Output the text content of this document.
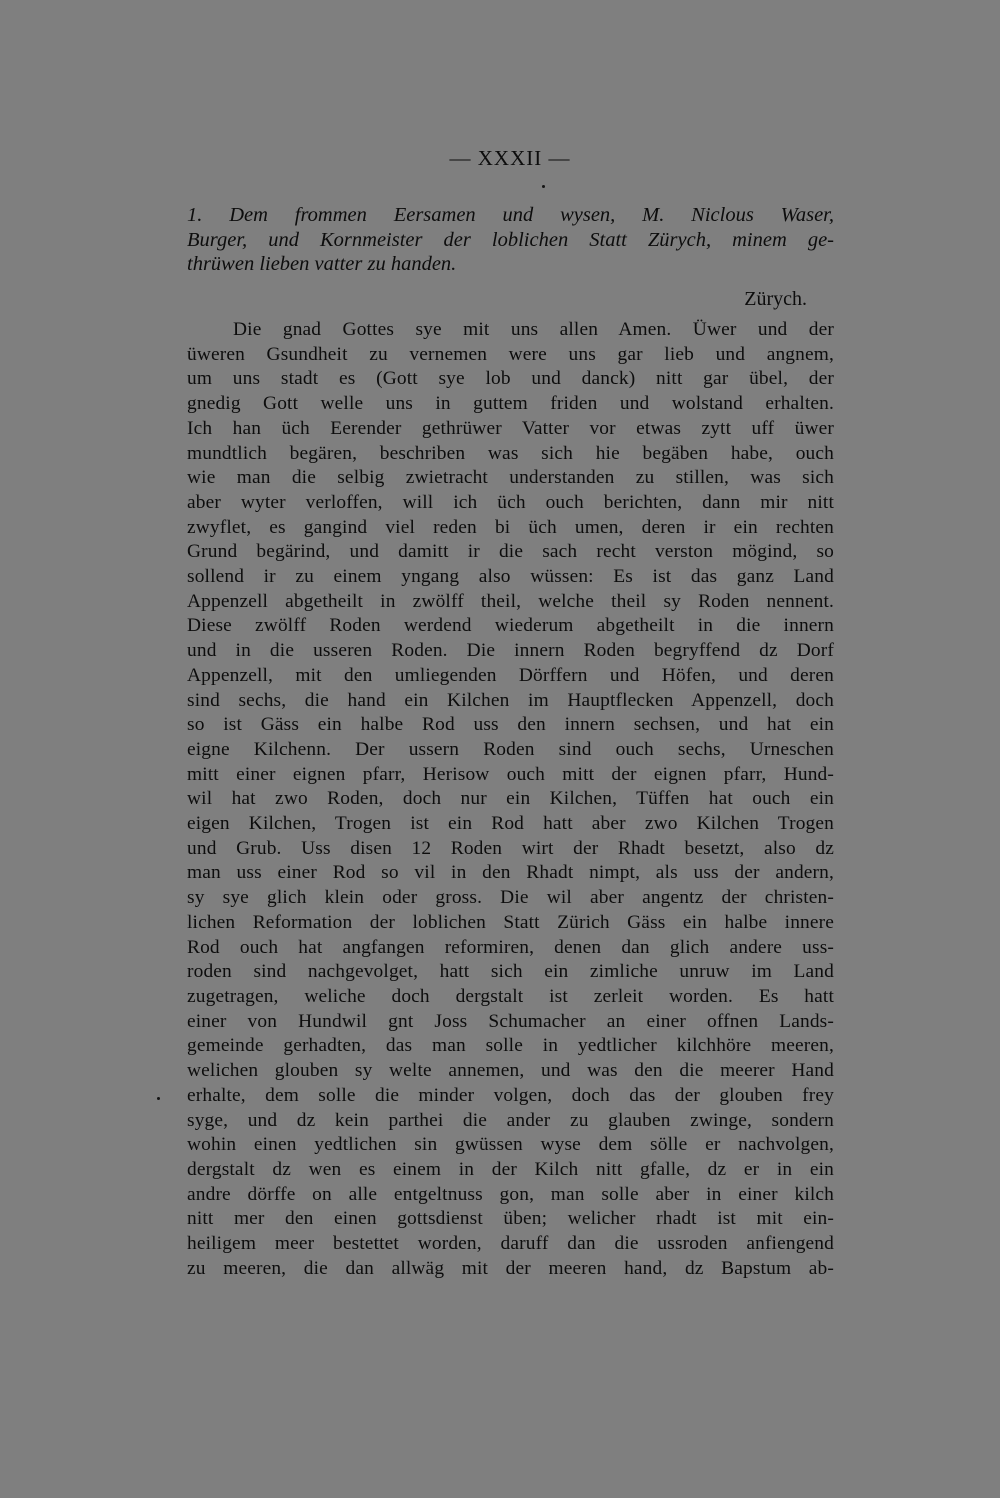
— XXXII —
1. Dem frommen Eersamen und wysen, M. Niclous Waser,
Burger, und Kornmeister der loblichen Statt Zürych, minem ge-
thrüwen lieben vatter zu handen.
Zürych.
Die gnad Gottes sye mit uns allen Amen. Üwer und der
üweren Gsundheit zu vernemen were uns gar lieb und angnem,
um uns stadt es (Gott sye lob und danck) nitt gar übel, der
gnedig Gott welle uns in guttem friden und wolstand erhalten.
Ich han üch Eerender gethrüwer Vatter vor etwas zytt uff üwer
mundtlich begären, beschriben was sich hie begäben habe, ouch
wie man die selbig zwietracht understanden zu stillen, was sich
aber wyter verloffen, will ich üch ouch berichten, dann mir nitt
zwyflet, es gangind viel reden bi üch umen, deren ir ein rechten
Grund begärind, und damitt ir die sach recht verston mögind, so
sollend ir zu einem yngang also wüssen: Es ist das ganz Land
Appenzell abgetheilt in zwölff theil, welche theil sy Roden nennent.
Diese zwölff Roden werdend wiederum abgetheilt in die innern
und in die usseren Roden. Die innern Roden begryffend dz Dorf
Appenzell, mit den umliegenden Dörffern und Höfen, und deren
sind sechs, die hand ein Kilchen im Hauptflecken Appenzell, doch
so ist Gäss ein halbe Rod uss den innern sechsen, und hat ein
eigne Kilchenn. Der ussern Roden sind ouch sechs, Urneschen
mitt einer eignen pfarr, Herisow ouch mitt der eignen pfarr, Hund-
wil hat zwo Roden, doch nur ein Kilchen, Tüffen hat ouch ein
eigen Kilchen, Trogen ist ein Rod hatt aber zwo Kilchen Trogen
und Grub. Uss disen 12 Roden wirt der Rhadt besetzt, also dz
man uss einer Rod so vil in den Rhadt nimpt, als uss der andern,
sy sye glich klein oder gross. Die wil aber angentz der christen-
lichen Reformation der loblichen Statt Zürich Gäss ein halbe innere
Rod ouch hat angfangen reformiren, denen dan glich andere uss-
roden sind nachgevolget, hatt sich ein zimliche unruw im Land
zugetragen, weliche doch dergstalt ist zerleit worden. Es hatt
einer von Hundwil gnt Joss Schumacher an einer offnen Lands-
gemeinde gerhadten, das man solle in yedtlicher kilchhöre meeren,
welichen glouben sy welte annemen, und was den die meerer Hand
erhalte, dem solle die minder volgen, doch das der glouben frey
syge, und dz kein parthei die ander zu glauben zwinge, sondern
wohin einen yedtlichen sin gwüssen wyse dem sölle er nachvolgen,
dergstalt dz wen es einem in der Kilch nitt gfalle, dz er in ein
andre dörffe on alle entgeltnuss gon, man solle aber in einer kilch
nitt mer den einen gottsdienst üben; welicher rhadt ist mit ein-
heiligem meer bestettet worden, daruff dan die ussroden anfiengend
zu meeren, die dan allwäg mit der meeren hand, dz Bapstum ab-
